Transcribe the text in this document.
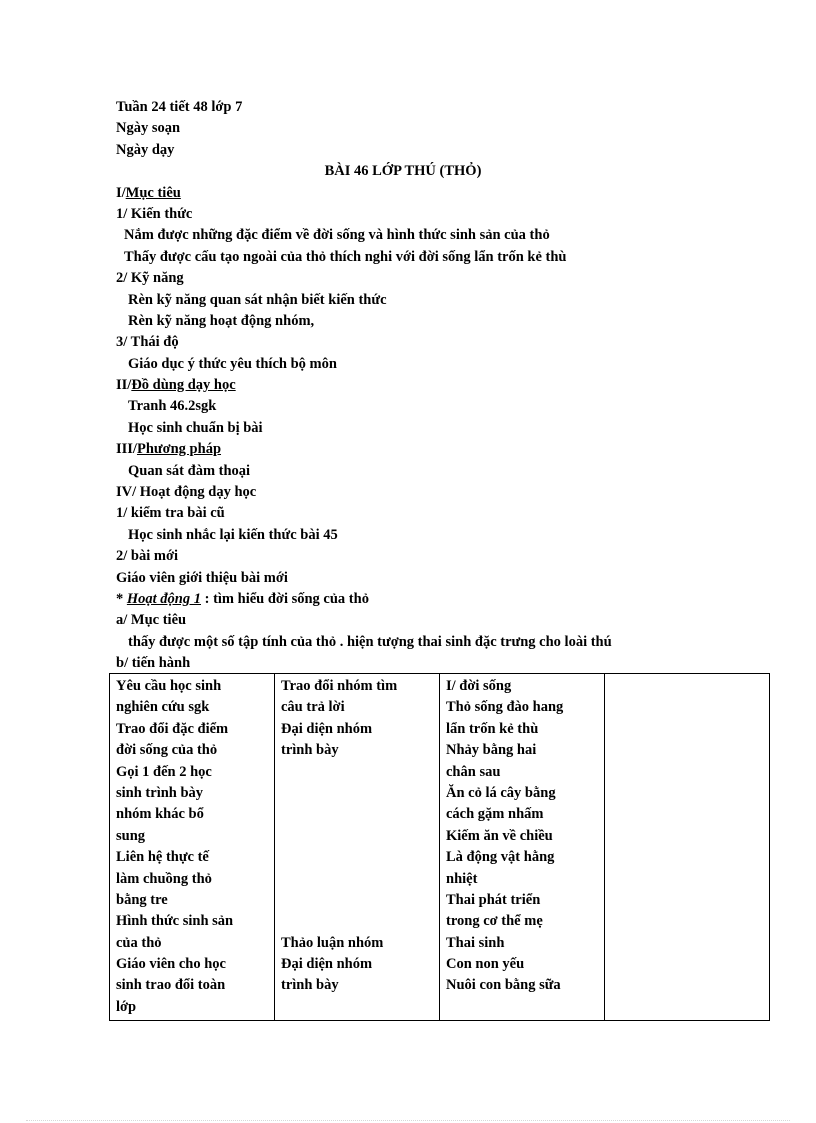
Tuần 24 tiết 48 lớp 7
Ngày soạn
Ngày dạy
BÀI 46 LỚP THÚ (THỎ)
I/Mục tiêu
1/ Kiến thức
Nắm được những đặc điểm về đời sống và hình thức sinh sản của thỏ
Thấy được cấu tạo ngoài của thỏ thích nghi với đời sống lẩn trốn kẻ thù
2/ Kỹ năng
Rèn kỹ năng quan sát nhận biết kiến thức
Rèn kỹ năng hoạt động nhóm,
3/ Thái độ
Giáo dục ý thức yêu thích bộ môn
II/Đồ dùng dạy học
Tranh 46.2sgk
Học sinh chuẩn bị bài
III/Phương pháp
Quan sát đàm thoại
IV/ Hoạt động dạy học
1/ kiểm tra bài cũ
Học sinh nhắc lại kiến thức bài 45
2/ bài mới
Giáo viên giới thiệu bài mới
* Hoạt động 1 : tìm hiểu đời sống của thỏ
a/ Mục tiêu
thấy được một số tập tính của thỏ . hiện tượng thai sinh đặc trưng cho loài thú
b/ tiến hành
Yêu cầu học sinh
nghiên cứu sgk
Trao đổi đặc điểm
đời sống của thỏ
Gọi 1 đến 2 học
sinh trình bày
nhóm khác bổ
sung
Liên hệ thực tế
làm chuồng thỏ
bằng tre
Hình thức sinh sản
của thỏ
Giáo viên cho học
sinh trao đổi toàn
lớp

Trao đổi nhóm tìm
câu trả lời
Đại diện nhóm
trình bày
Thảo luận nhóm
Đại diện nhóm
trình bày

I/ đời sống
Thỏ sống đào hang
lẩn trốn kẻ thù
Nhảy bằng hai
chân sau
Ăn cỏ lá cây bằng
cách gặm nhấm
Kiếm ăn về chiều
Là động vật hằng
nhiệt
Thai phát triển
trong cơ thể mẹ
Thai sinh
Con non yếu
Nuôi con bằng sữa
